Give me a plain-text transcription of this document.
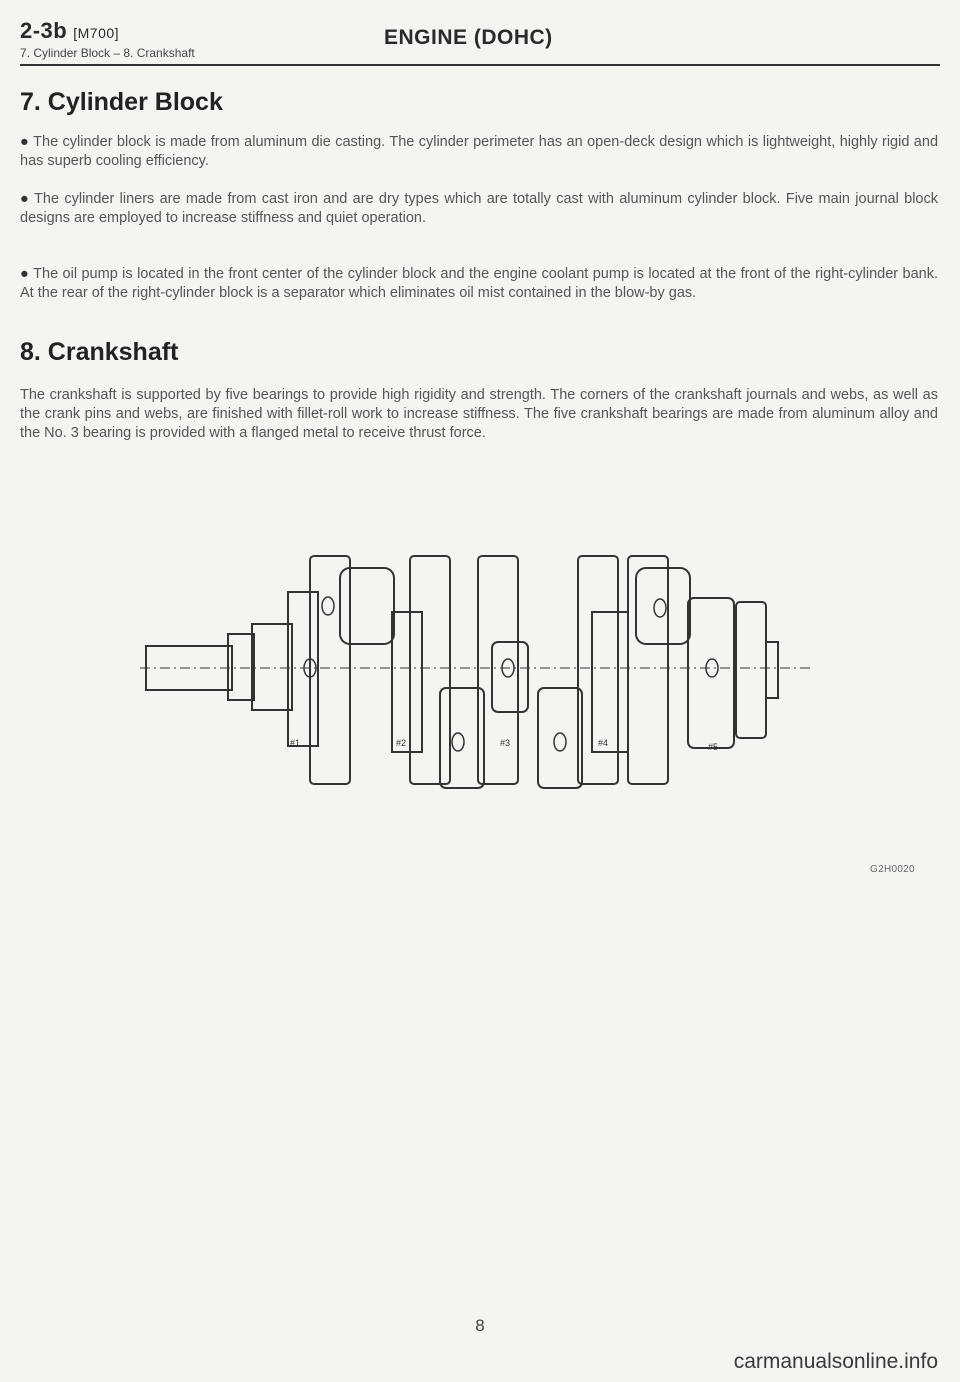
2-3b [M700]
7. Cylinder Block – 8. Crankshaft
ENGINE (DOHC)
7. Cylinder Block

● The cylinder block is made from aluminum die casting. The cylinder perimeter has an open-deck design which is lightweight, highly rigid and has superb cooling efficiency.

● The cylinder liners are made from cast iron and are dry types which are totally cast with aluminum cylinder block. Five main journal block designs are employed to increase stiffness and quiet operation.

● The oil pump is located in the front center of the cylinder block and the engine coolant pump is located at the front of the right-cylinder bank. At the rear of the right-cylinder block is a separator which eliminates oil mist contained in the blow-by gas.

8. Crankshaft

The crankshaft is supported by five bearings to provide high rigidity and strength. The corners of the crankshaft journals and webs, as well as the crank pins and webs, are finished with fillet-roll work to increase stiffness. The five crankshaft bearings are made from aluminum alloy and the No. 3 bearing is provided with a flanged metal to receive thrust force.

#1	#2	#3	#4	#5
G2H0020
8
carmanualsonline.info
